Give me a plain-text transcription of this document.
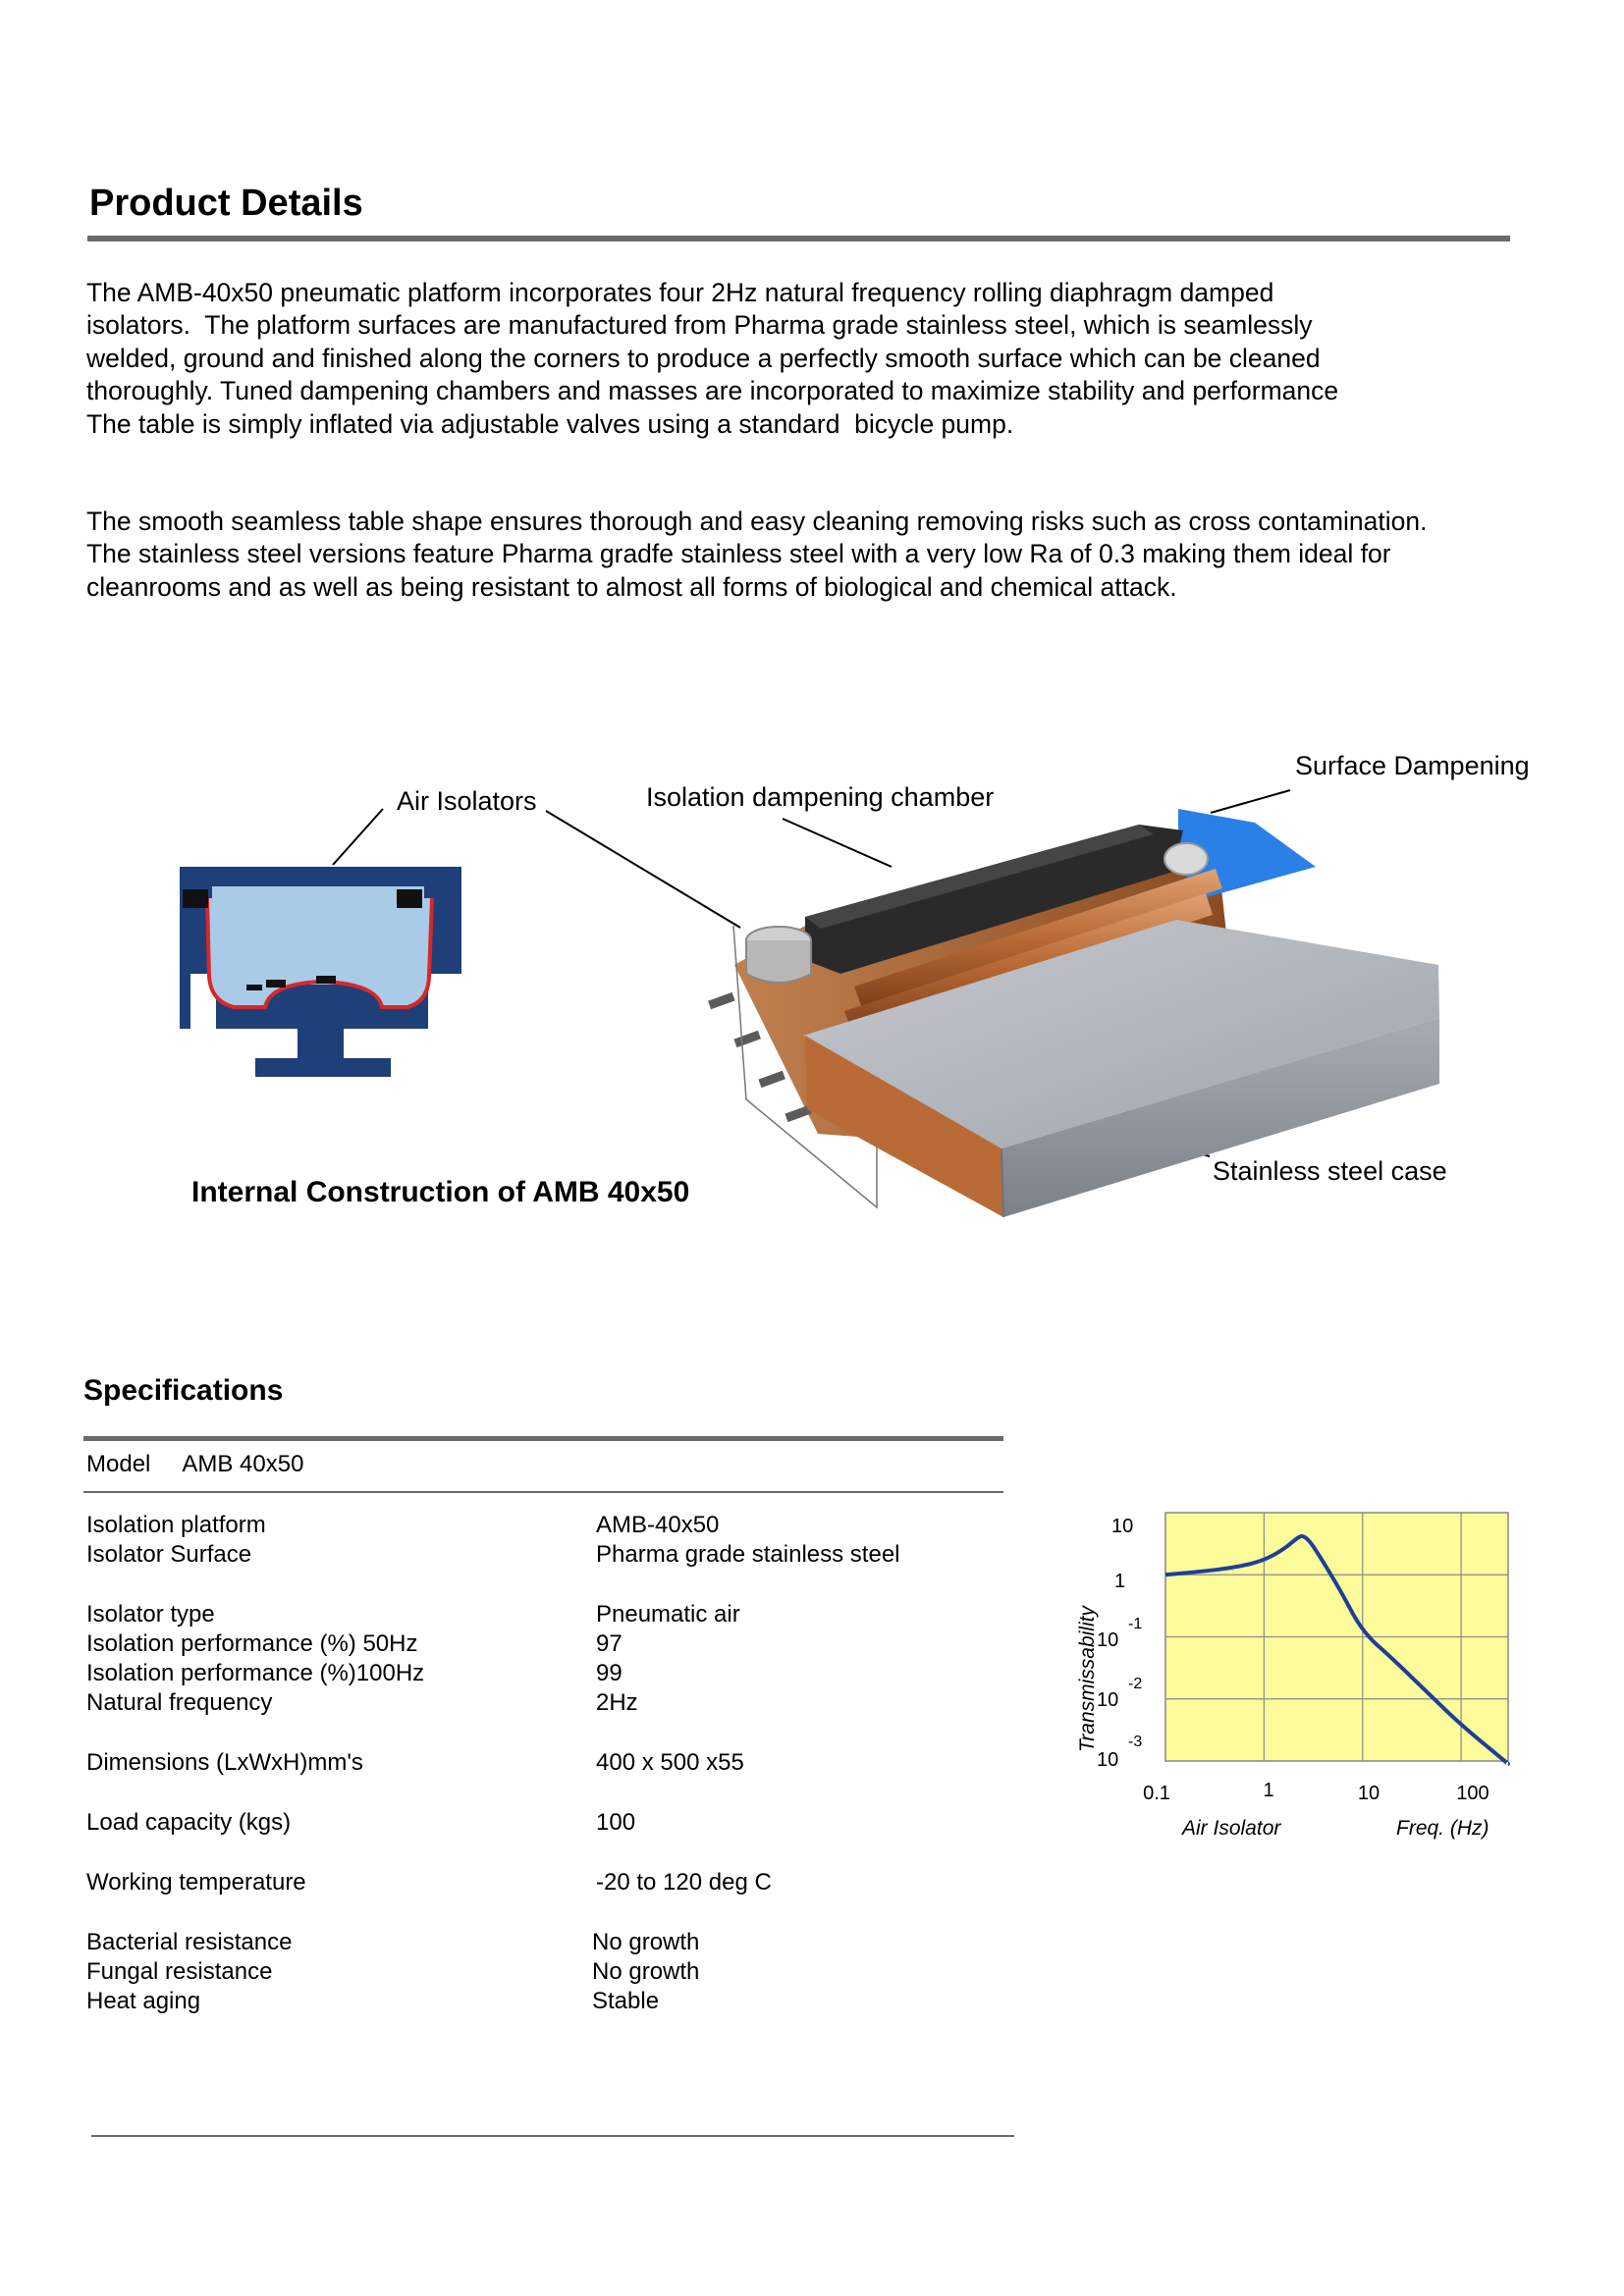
Product Details
The AMB-40x50 pneumatic platform incorporates four 2Hz natural frequency rolling diaphragm damped
isolators.  The platform surfaces are manufactured from Pharma grade stainless steel, which is seamlessly
welded, ground and finished along the corners to produce a perfectly smooth surface which can be cleaned
thoroughly. Tuned dampening chambers and masses are incorporated to maximize stability and performance
The table is simply inflated via adjustable valves using a standard  bicycle pump.
The smooth seamless table shape ensures thorough and easy cleaning removing risks such as cross contamination.
The stainless steel versions feature Pharma gradfe stainless steel with a very low Ra of 0.3 making them ideal for
cleanrooms and as well as being resistant to almost all forms of biological and chemical attack.
Air Isolators	Isolation dampening chamber
Surface Dampening
Stainless steel case
Internal Construction of AMB 40x50
Specifications
Model AMB 40x50
Isolation platform	AMB-40x50
Isolator Surface	Pharma grade stainless steel
Isolator type	Pneumatic air
Isolation performance (%) 50Hz	97
Isolation performance (%)100Hz	99
Natural frequency	2Hz
Dimensions (LxWxH)mm's	400 x 500 x55
Load capacity (kgs)	100
Working temperature	-20 to 120 deg C
Bacterial resistance	No growth
Fungal resistance	No growth
Heat aging	Stable
10
1
10
-1
10
-2
10
-3
0.1	1	10	100
Air Isolator	Freq. (Hz)
Transmissability
